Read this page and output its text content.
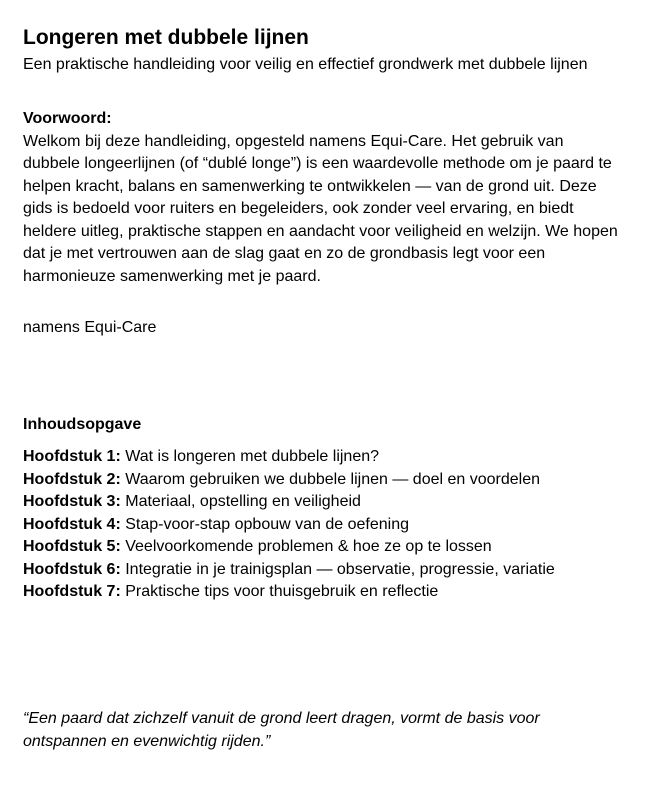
Longeren met dubbele lijnen
Een praktische handleiding voor veilig en effectief grondwerk met dubbele lijnen
Voorwoord:
Welkom bij deze handleiding, opgesteld namens Equi-Care. Het gebruik van
dubbele longeerlijnen (of “dublé longe”) is een waardevolle methode om je paard te
helpen kracht, balans en samenwerking te ontwikkelen — van de grond uit. Deze
gids is bedoeld voor ruiters en begeleiders, ook zonder veel ervaring, en biedt
heldere uitleg, praktische stappen en aandacht voor veiligheid en welzijn. We hopen
dat je met vertrouwen aan de slag gaat en zo de grondbasis legt voor een
harmonieuze samenwerking met je paard.
namens Equi-Care
Inhoudsopgave
Hoofdstuk 1: Wat is longeren met dubbele lijnen?
Hoofdstuk 2: Waarom gebruiken we dubbele lijnen — doel en voordelen
Hoofdstuk 3: Materiaal, opstelling en veiligheid
Hoofdstuk 4: Stap-voor-stap opbouw van de oefening
Hoofdstuk 5: Veelvoorkomende problemen & hoe ze op te lossen
Hoofdstuk 6: Integratie in je trainigsplan — observatie, progressie, variatie
Hoofdstuk 7: Praktische tips voor thuisgebruik en reflectie
“Een paard dat zichzelf vanuit de grond leert dragen, vormt de basis voor
ontspannen en evenwichtig rijden.”
